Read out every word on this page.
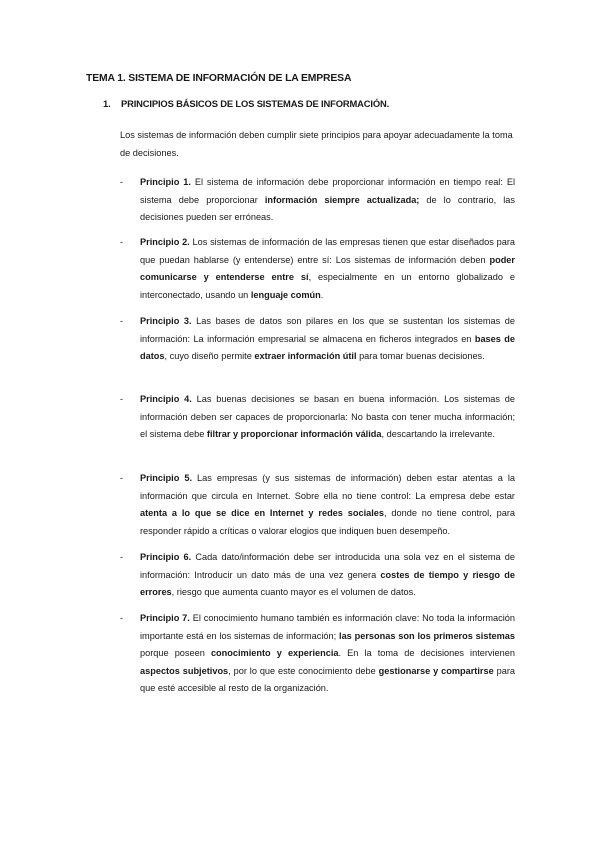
TEMA 1. SISTEMA DE INFORMACIÓN DE LA EMPRESA
1. PRINCIPIOS BÁSICOS DE LOS SISTEMAS DE INFORMACIÓN.
Los sistemas de información deben cumplir siete principios para apoyar adecuadamente la toma de decisiones.
- Principio 1. El sistema de información debe proporcionar información en tiempo real: El sistema debe proporcionar información siempre actualizada; de lo contrario, las decisiones pueden ser erróneas.
- Principio 2. Los sistemas de información de las empresas tienen que estar diseñados para que puedan hablarse (y entenderse) entre sí: Los sistemas de información deben poder comunicarse y entenderse entre sí, especialmente en un entorno globalizado e interconectado, usando un lenguaje común.
- Principio 3. Las bases de datos son pilares en los que se sustentan los sistemas de información: La información empresarial se almacena en ficheros integrados en bases de datos, cuyo diseño permite extraer información útil para tomar buenas decisiones.
- Principio 4. Las buenas decisiones se basan en buena información. Los sistemas de información deben ser capaces de proporcionarla: No basta con tener mucha información; el sistema debe filtrar y proporcionar información válida, descartando la irrelevante.
- Principio 5. Las empresas (y sus sistemas de información) deben estar atentas a la información que circula en Internet. Sobre ella no tiene control: La empresa debe estar atenta a lo que se dice en Internet y redes sociales, donde no tiene control, para responder rápido a críticas o valorar elogios que indiquen buen desempeño.
- Principio 6. Cada dato/información debe ser introducida una sola vez en el sistema de información: Introducir un dato más de una vez genera costes de tiempo y riesgo de errores, riesgo que aumenta cuanto mayor es el volumen de datos.
- Principio 7. El conocimiento humano también es información clave: No toda la información importante está en los sistemas de información; las personas son los primeros sistemas porque poseen conocimiento y experiencia. En la toma de decisiones intervienen aspectos subjetivos, por lo que este conocimiento debe gestionarse y compartirse para que esté accesible al resto de la organización.
